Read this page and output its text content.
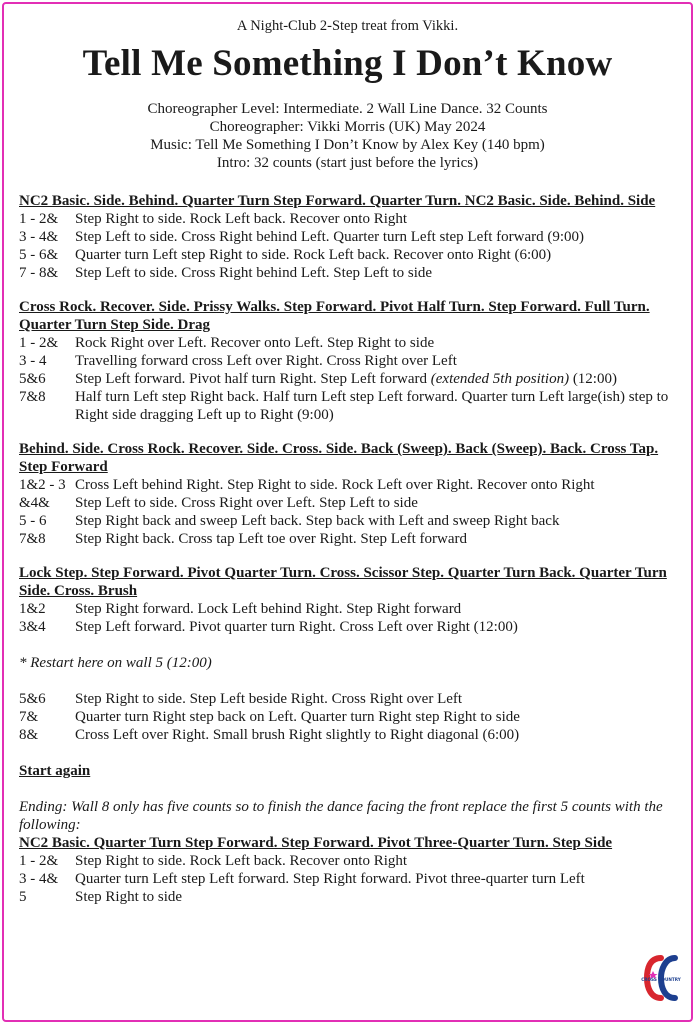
A Night-Club 2-Step treat from Vikki.
Tell Me Something I Don’t Know
Choreographer Level: Intermediate. 2 Wall Line Dance. 32 Counts
Choreographer: Vikki Morris (UK) May 2024
Music: Tell Me Something I Don’t Know by Alex Key (140 bpm)
Intro: 32 counts (start just before the lyrics)
NC2 Basic. Side. Behind. Quarter Turn Step Forward. Quarter Turn. NC2 Basic. Side. Behind. Side
1 - 2&	Step Right to side. Rock Left back. Recover onto Right
3 - 4&	Step Left to side. Cross Right behind Left. Quarter turn Left step Left forward (9:00)
5 - 6&	Quarter turn Left step Right to side. Rock Left back. Recover onto Right (6:00)
7 - 8&	Step Left to side. Cross Right behind Left. Step Left to side
Cross Rock. Recover. Side. Prissy Walks. Step Forward. Pivot Half Turn. Step Forward. Full Turn. Quarter Turn Step Side. Drag
1 - 2&	Rock Right over Left. Recover onto Left. Step Right to side
3 - 4	Travelling forward cross Left over Right. Cross Right over Left
5&6	Step Left forward. Pivot half turn Right. Step Left forward (extended 5th position) (12:00)
7&8	Half turn Left step Right back. Half turn Left step Left forward. Quarter turn Left large(ish) step to Right side dragging Left up to Right (9:00)
Behind. Side. Cross Rock. Recover. Side. Cross. Side. Back (Sweep). Back (Sweep). Back. Cross Tap. Step Forward
1&2 - 3 Cross Left behind Right. Step Right to side. Rock Left over Right. Recover onto Right
&4&	Step Left to side. Cross Right over Left. Step Left to side
5 - 6	Step Right back and sweep Left back. Step back with Left and sweep Right back
7&8	Step Right back. Cross tap Left toe over Right. Step Left forward
Lock Step. Step Forward. Pivot Quarter Turn. Cross. Scissor Step. Quarter Turn Back. Quarter Turn Side. Cross. Brush
1&2	Step Right forward. Lock Left behind Right. Step Right forward
3&4	Step Left forward. Pivot quarter turn Right. Cross Left over Right (12:00)
* Restart here on wall 5 (12:00)
5&6	Step Right to side. Step Left beside Right. Cross Right over Left
7&	Quarter turn Right step back on Left. Quarter turn Right step Right to side
8&	Cross Left over Right. Small brush Right slightly to Right diagonal (6:00)
Start again
Ending: Wall 8 only has five counts so to finish the dance facing the front replace the first 5 counts with the following:
NC2 Basic. Quarter Turn Step Forward. Step Forward. Pivot Three-Quarter Turn. Step Side
1 - 2&	Step Right to side. Rock Left back. Recover onto Right
3 - 4&	Quarter turn Left step Left forward. Step Right forward. Pivot three-quarter turn Left
5	Step Right to side
CROSS COUNTRY
